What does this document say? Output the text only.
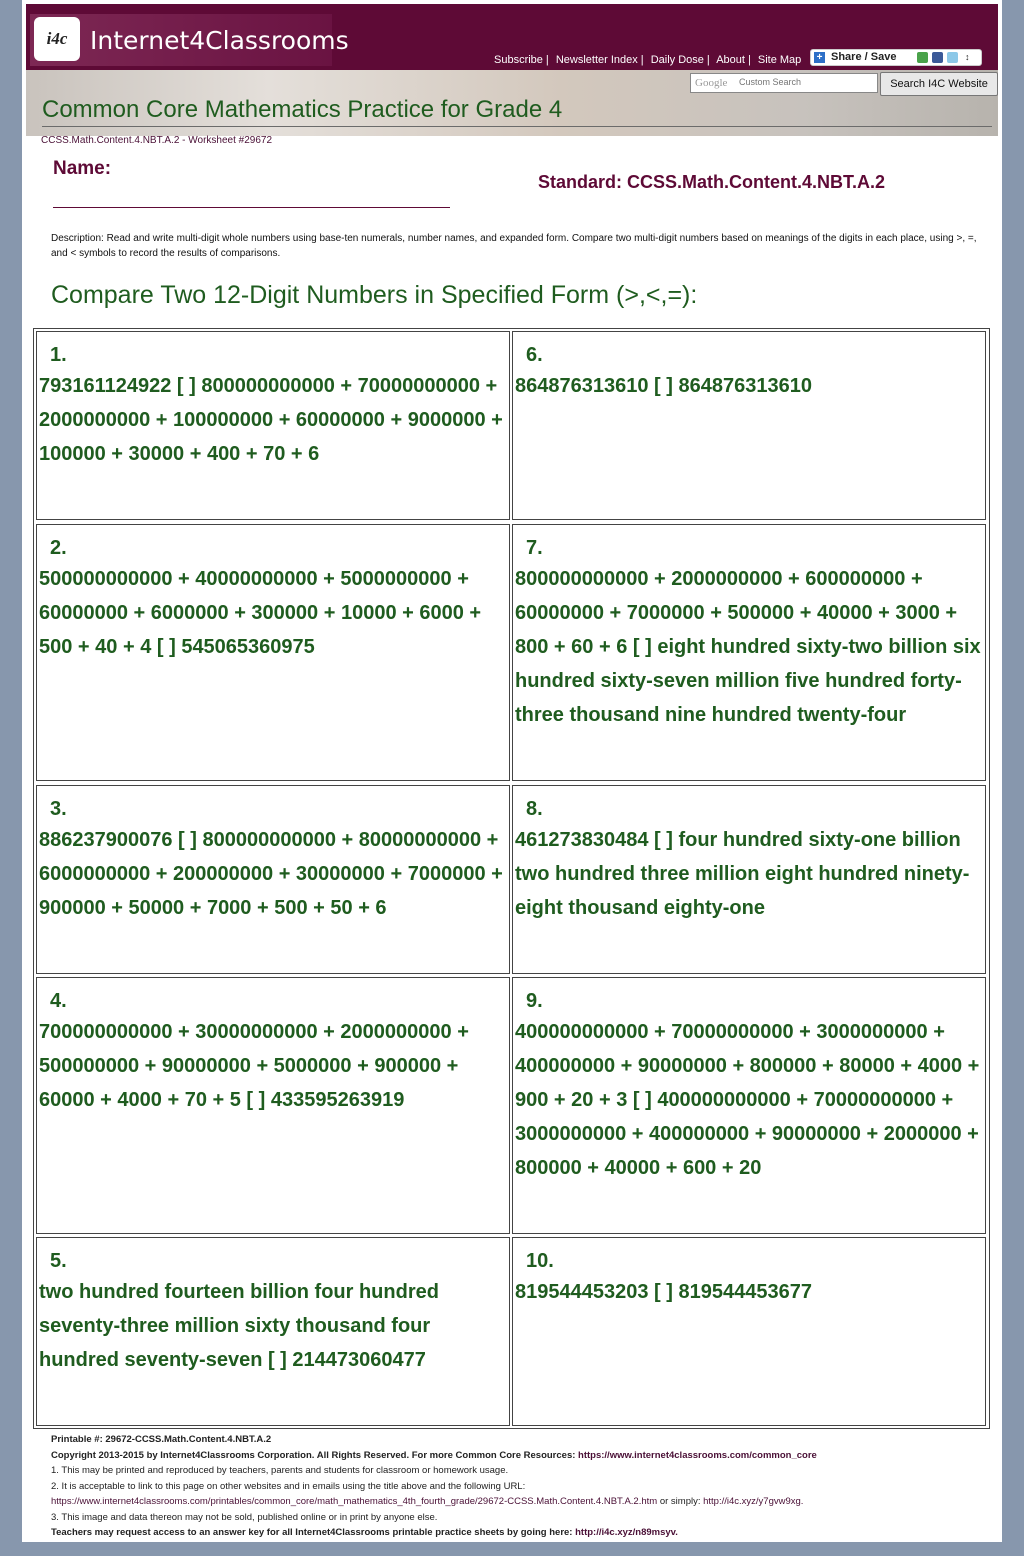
i4c Internet4Classrooms
Subscribe | Newsletter Index | Daily Dose | About | Site Map + Share / Save	↕
Google
Custom Search	Search I4C Website
Common Core Mathematics Practice for Grade 4
CCSS.Math.Content.4.NBT.A.2 - Worksheet #29672
Name:
Standard: CCSS.Math.Content.4.NBT.A.2
Description: Read and write multi-digit whole numbers using base-ten numerals, number names, and expanded form. Compare two multi-digit numbers based on meanings of the digits in each place, using >, =, and < symbols to record the results of comparisons.
Compare Two 12-Digit Numbers in Specified Form (>,<,=):
1.
793161124922 [ ] 800000000000 + 70000000000 + 2000000000 + 100000000 + 60000000 + 9000000 + 100000 + 30000 + 400 + 70 + 6
2.
500000000000 + 40000000000 + 5000000000 + 60000000 + 6000000 + 300000 + 10000 + 6000 + 500 + 40 + 4 [ ] 545065360975
3.
886237900076 [ ] 800000000000 + 80000000000 + 6000000000 + 200000000 + 30000000 + 7000000 + 900000 + 50000 + 7000 + 500 + 50 + 6
4.
700000000000 + 30000000000 + 2000000000 + 500000000 + 90000000 + 5000000 + 900000 + 60000 + 4000 + 70 + 5 [ ] 433595263919
5.
two hundred fourteen billion four hundred seventy-three million sixty thousand four hundred seventy-seven [ ] 214473060477
6.
864876313610 [ ] 864876313610
7.
800000000000 + 2000000000 + 600000000 + 60000000 + 7000000 + 500000 + 40000 + 3000 + 800 + 60 + 6 [ ] eight hundred sixty-two billion six hundred sixty-seven million five hundred forty-three thousand nine hundred twenty-four
8.
461273830484 [ ] four hundred sixty-one billion two hundred three million eight hundred ninety-eight thousand eighty-one
9.
400000000000 + 70000000000 + 3000000000 + 400000000 + 90000000 + 800000 + 80000 + 4000 + 900 + 20 + 3 [ ] 400000000000 + 70000000000 + 3000000000 + 400000000 + 90000000 + 2000000 + 800000 + 40000 + 600 + 20
10.
819544453203 [ ] 819544453677
Printable #: 29672-CCSS.Math.Content.4.NBT.A.2
Copyright 2013-2015 by Internet4Classrooms Corporation. All Rights Reserved. For more Common Core Resources: https://www.internet4classrooms.com/common_core
1. This may be printed and reproduced by teachers, parents and students for classroom or homework usage.
2. It is acceptable to link to this page on other websites and in emails using the title above and the following URL:
https://www.internet4classrooms.com/printables/common_core/math_mathematics_4th_fourth_grade/29672-CCSS.Math.Content.4.NBT.A.2.htm or simply: http://i4c.xyz/y7gvw9xg.
3. This image and data thereon may not be sold, published online or in print by anyone else.
Teachers may request access to an answer key for all Internet4Classrooms printable practice sheets by going here: http://i4c.xyz/n89msyv.
